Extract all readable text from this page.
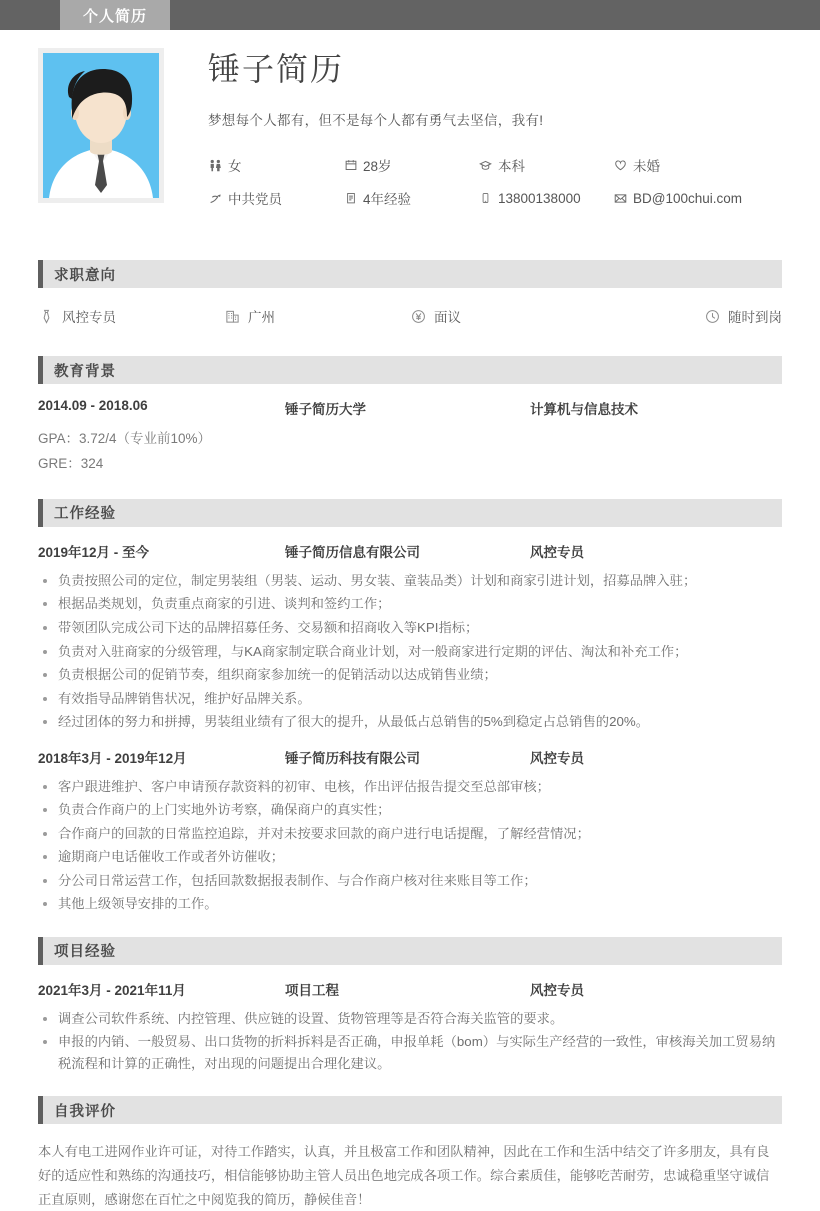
个人简历
锤子简历
梦想每个人都有，但不是每个人都有勇气去坚信，我有!
女	28岁	本科	未婚
中共党员	4年经验	13800138000	BD@100chui.com
求职意向
风控专员	广州	面议	随时到岗
教育背景
2014.09 - 2018.06	锤子简历大学	计算机与信息技术
GPA：3.72/4（专业前10%）
GRE：324
工作经验
2019年12月 - 至今	锤子简历信息有限公司	风控专员
负责按照公司的定位，制定男装组（男装、运动、男女装、童装品类）计划和商家引进计划，招募品牌入驻；
根据品类规划，负责重点商家的引进、谈判和签约工作；
带领团队完成公司下达的品牌招募任务、交易额和招商收入等KPI指标；
负责对入驻商家的分级管理，与KA商家制定联合商业计划，对一般商家进行定期的评估、淘汰和补充工作；
负责根据公司的促销节奏，组织商家参加统一的促销活动以达成销售业绩；
有效指导品牌销售状况，维护好品牌关系。
经过团体的努力和拼搏，男装组业绩有了很大的提升，从最低占总销售的5%到稳定占总销售的20%。
2018年3月 - 2019年12月	锤子简历科技有限公司	风控专员
客户跟进维护、客户申请预存款资料的初审、电核，作出评估报告提交至总部审核；
负责合作商户的上门实地外访考察，确保商户的真实性；
合作商户的回款的日常监控追踪，并对未按要求回款的商户进行电话提醒，了解经营情况；
逾期商户电话催收工作或者外访催收；
分公司日常运营工作，包括回款数据报表制作、与合作商户核对往来账目等工作；
其他上级领导安排的工作。
项目经验
2021年3月 - 2021年11月	项目工程	风控专员
调查公司软件系统、内控管理、供应链的设置、货物管理等是否符合海关监管的要求。
申报的内销、一般贸易、出口货物的折料拆料是否正确，申报单耗（bom）与实际生产经营的一致性，审核海关加工贸易纳税流程和计算的正确性，对出现的问题提出合理化建议。
自我评价
本人有电工进网作业许可证，对待工作踏实，认真，并且极富工作和团队精神，因此在工作和生活中结交了许多朋友，具有良好的适应性和熟练的沟通技巧，相信能够协助主管人员出色地完成各项工作。综合素质佳，能够吃苦耐劳，忠诚稳重坚守诚信正直原则，感谢您在百忙之中阅览我的简历，静候佳音！
